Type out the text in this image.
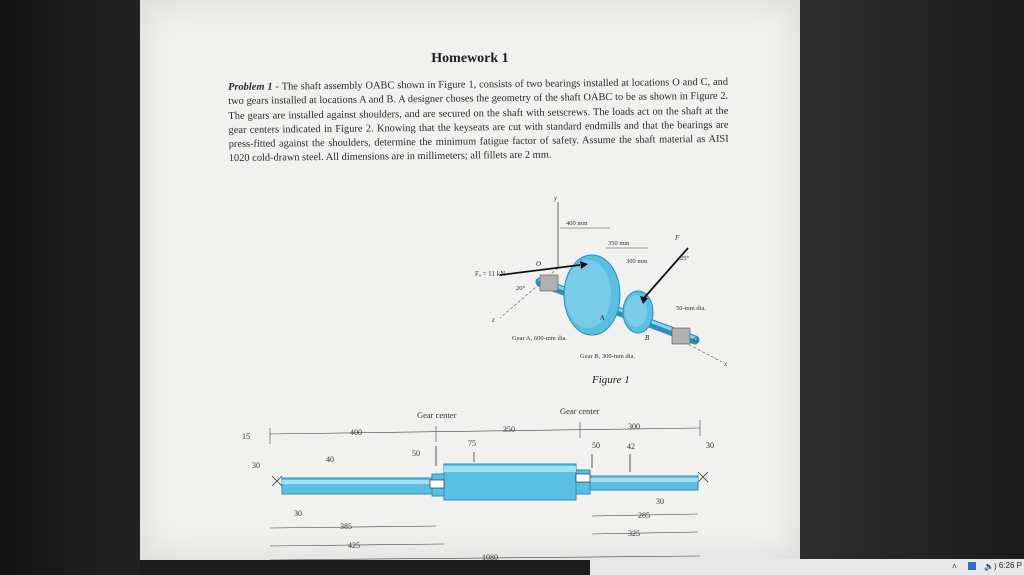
Homework 1
Problem 1 - The shaft assembly OABC shown in Figure 1, consists of two bearings installed at locations O and C, and two gears installed at locations A and B. A designer choses the geometry of the shaft OABC to be as shown in Figure 2. The gears are installed against shoulders, and are secured on the shaft with setscrews. The loads act on the shaft at the gear centers indicated in Figure 2. Knowing that the keyseats are cut with standard endmills and that the bearings are press-fitted against the shoulders, determine the minimum fatigue factor of safety. Assume the shaft material as AISI 1020 cold-drawn steel. All dimensions are in millimeters; all fillets are 2 mm.
y
z
x
400 mm
350 mm
300 mm
O
A
B	C
Fₐ = 11 kN
20°
F
25°
Gear A, 600-mm dia.
Gear B, 300-mm dia.
50-mm dia.
Figure 1
Gear center	Gear center
15	400	350	300
75
50
50	42	30
30
40
30
30
385
425
285
325
1080
˄	🔈) 6:26 P
